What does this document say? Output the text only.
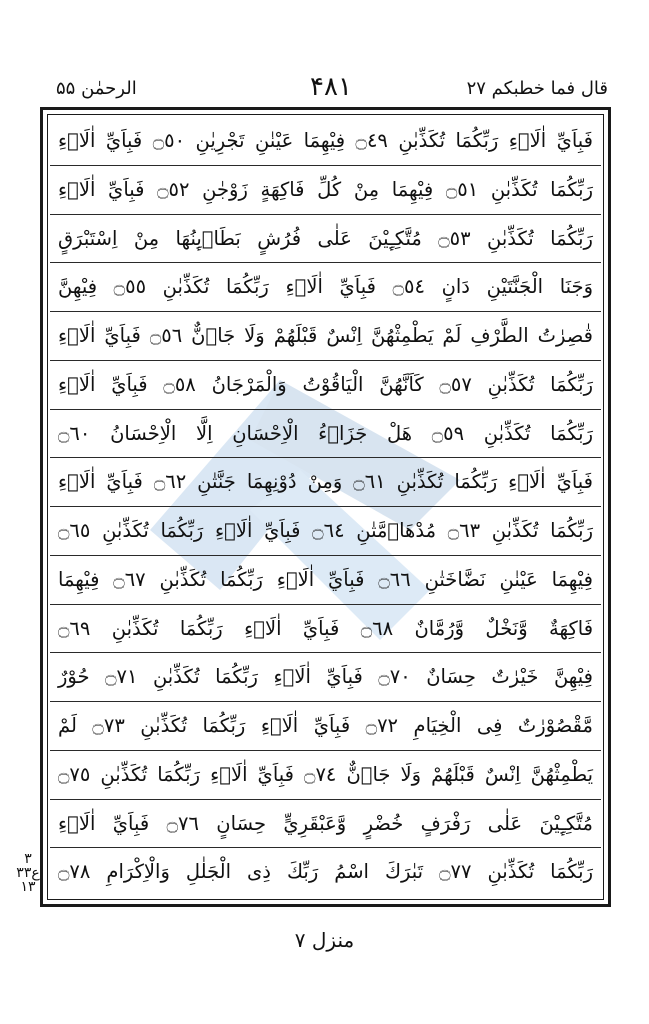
الرحمٰن ۵۵	۴۸۱	قال فما خطبکم ۲۷
فَبِاَيِّ اٰلَاۤءِ رَبِّكُمَا تُكَذِّبٰنِ ۝٤٩ فِيْهِمَا عَيْنٰنِ تَجْرِيٰنِ ۝٥٠ فَبِاَيِّ اٰلَاۤءِ
رَبِّكُمَا تُكَذِّبٰنِ ۝٥١ فِيْهِمَا مِنْ كُلِّ فَاكِهَةٍ زَوْجٰنِ ۝٥٢ فَبِاَيِّ اٰلَاۤءِ
رَبِّكُمَا تُكَذِّبٰنِ ۝٥٣ مُتَّكِـِٕيْنَ عَلٰى فُرُشٍ بَطَاۤىِٕنُهَا مِنْ اِسْتَبْرَقٍ
وَجَنَا الْجَنَّتَيْنِ دَانٍ ۝٥٤ فَبِاَيِّ اٰلَاۤءِ رَبِّكُمَا تُكَذِّبٰنِ ۝٥٥ فِيْهِنَّ
قٰصِرٰتُ الطَّرْفِ لَمْ يَطْمِثْهُنَّ اِنْسٌ قَبْلَهُمْ وَلَا جَاۤنٌّ ۝٥٦ فَبِاَيِّ اٰلَاۤءِ
رَبِّكُمَا تُكَذِّبٰنِ ۝٥٧ كَاَنَّهُنَّ الْيَاقُوْتُ وَالْمَرْجَانُ ۝٥٨ فَبِاَيِّ اٰلَاۤءِ
رَبِّكُمَا تُكَذِّبٰنِ ۝٥٩ هَلْ جَزَاۤءُ الْاِحْسَانِ اِلَّا الْاِحْسَانُ ۝٦٠
فَبِاَيِّ اٰلَاۤءِ رَبِّكُمَا تُكَذِّبٰنِ ۝٦١ وَمِنْ دُوْنِهِمَا جَنَّتٰنِ ۝٦٢ فَبِاَيِّ اٰلَاۤءِ
رَبِّكُمَا تُكَذِّبٰنِ ۝٦٣ مُدْهَاۤمَّتٰنِ ۝٦٤ فَبِاَيِّ اٰلَاۤءِ رَبِّكُمَا تُكَذِّبٰنِ ۝٦٥
فِيْهِمَا عَيْنٰنِ نَضَّاخَتٰنِ ۝٦٦ فَبِاَيِّ اٰلَاۤءِ رَبِّكُمَا تُكَذِّبٰنِ ۝٦٧ فِيْهِمَا
فَاكِهَةٌ وَّنَخْلٌ وَّرُمَّانٌ ۝٦٨ فَبِاَيِّ اٰلَاۤءِ رَبِّكُمَا تُكَذِّبٰنِ ۝٦٩
فِيْهِنَّ خَيْرٰتٌ حِسَانٌ ۝٧٠ فَبِاَيِّ اٰلَاۤءِ رَبِّكُمَا تُكَذِّبٰنِ ۝٧١ حُوْرٌ
مَّقْصُوْرٰتٌ فِى الْخِيَامِ ۝٧٢ فَبِاَيِّ اٰلَاۤءِ رَبِّكُمَا تُكَذِّبٰنِ ۝٧٣ لَمْ
يَطْمِثْهُنَّ اِنْسٌ قَبْلَهُمْ وَلَا جَاۤنٌّ ۝٧٤ فَبِاَيِّ اٰلَاۤءِ رَبِّكُمَا تُكَذِّبٰنِ ۝٧٥
مُتَّكِـِٕيْنَ عَلٰى رَفْرَفٍ خُضْرٍ وَّعَبْقَرِيٍّ حِسَانٍ ۝٧٦ فَبِاَيِّ اٰلَاۤءِ
رَبِّكُمَا تُكَذِّبٰنِ ۝٧٧ تَبٰرَكَ اسْمُ رَبِّكَ ذِى الْجَلٰلِ وَالْاِكْرَامِ ۝٧٨
٣
ع٣٣
١٣
منزل ۷
